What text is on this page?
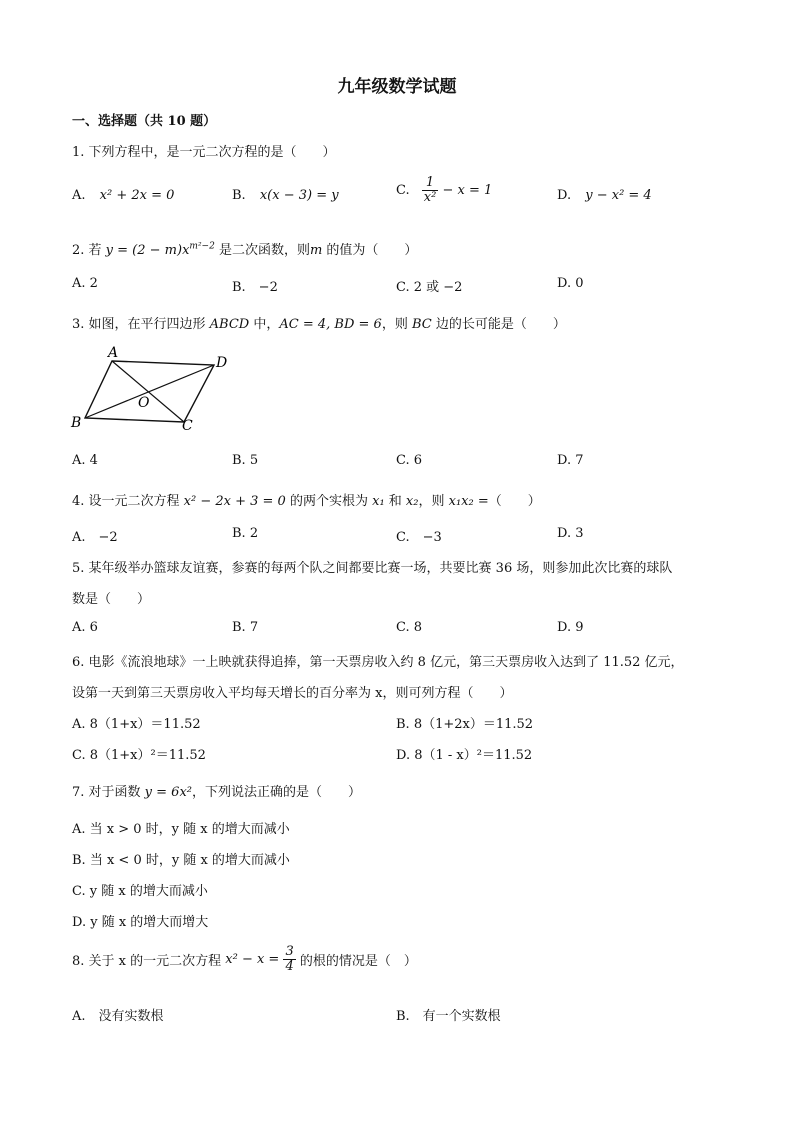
九年级数学试题
一、选择题（共 10 题）
1. 下列方程中，是一元二次方程的是（　　）
A. x² + 2x = 0	B. x(x − 3) = y	C. $\frac{1}{\text{x²}} - x = 1$	D. y − x² = 4
2. 若 $y = (2 - m)x^{m^2-2}$ 是二次函数，则m 的值为（　　）
A. 2	B.　−2	C. 2 或 −2	D. 0
3. 如图，在平行四边形 ABCD 中，AC = 4, BD = 6，则 BC 边的长可能是（　　）
A
D
B	C
O
A. 4	B. 5	C. 6	D. 7
4. 设一元二次方程 x² − 2x + 3 = 0 的两个实根为 x₁ 和 x₂，则 x₁x₂ =（　　）
A.　−2	B. 2	C.　−3	D. 3
5. 某年级举办篮球友谊赛，参赛的每两个队之间都要比赛一场，共要比赛 36 场，则参加此次比赛的球队
数是（　　）
A. 6	B. 7	C. 8	D. 9
6. 电影《流浪地球》一上映就获得追捧，第一天票房收入约 8 亿元，第三天票房收入达到了 11.52 亿元，
设第一天到第三天票房收入平均每天增长的百分率为 x，则可列方程（　　）
A. 8（1+x）＝11.52	B. 8（1+2x）＝11.52
C. 8（1+x）²＝11.52	D. 8（1 - x）²＝11.52
7. 对于函数 y = 6x²，下列说法正确的是（　　）
A. 当 x > 0 时，y 随 x 的增大而减小
B. 当 x < 0 时，y 随 x 的增大而减小
C. y 随 x 的增大而减小
D. y 随 x 的增大而增大
8. 关于 x 的一元二次方程 $x^2 - x = \frac{3}{4}$ 的根的情况是（　）
A.　没有实数根	B.　有一个实数根
